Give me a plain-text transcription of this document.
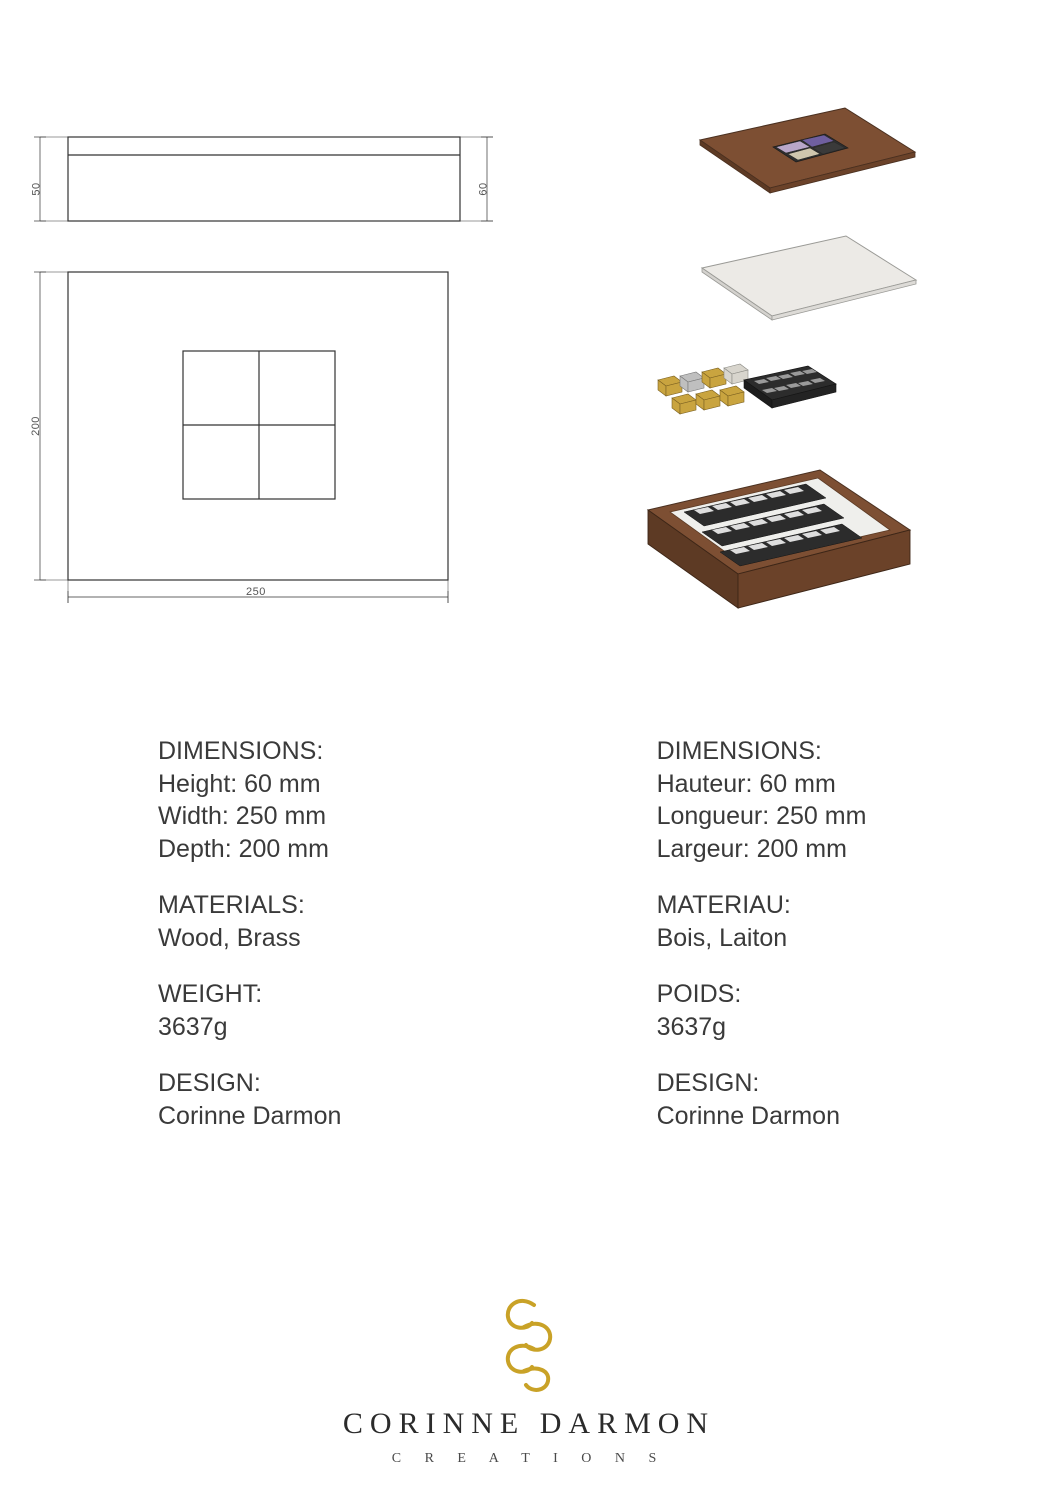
50	60
200
250
DIMENSIONS:
Height: 60 mm
Width: 250 mm
Depth: 200 mm
MATERIALS:
Wood, Brass
WEIGHT:
3637g
DESIGN:
Corinne Darmon
DIMENSIONS:
Hauteur: 60 mm
Longueur: 250 mm
Largeur: 200 mm
MATERIAU:
Bois, Laiton
POIDS:
3637g
DESIGN:
Corinne Darmon
CORINNE DARMON
C R E A T I O N S
